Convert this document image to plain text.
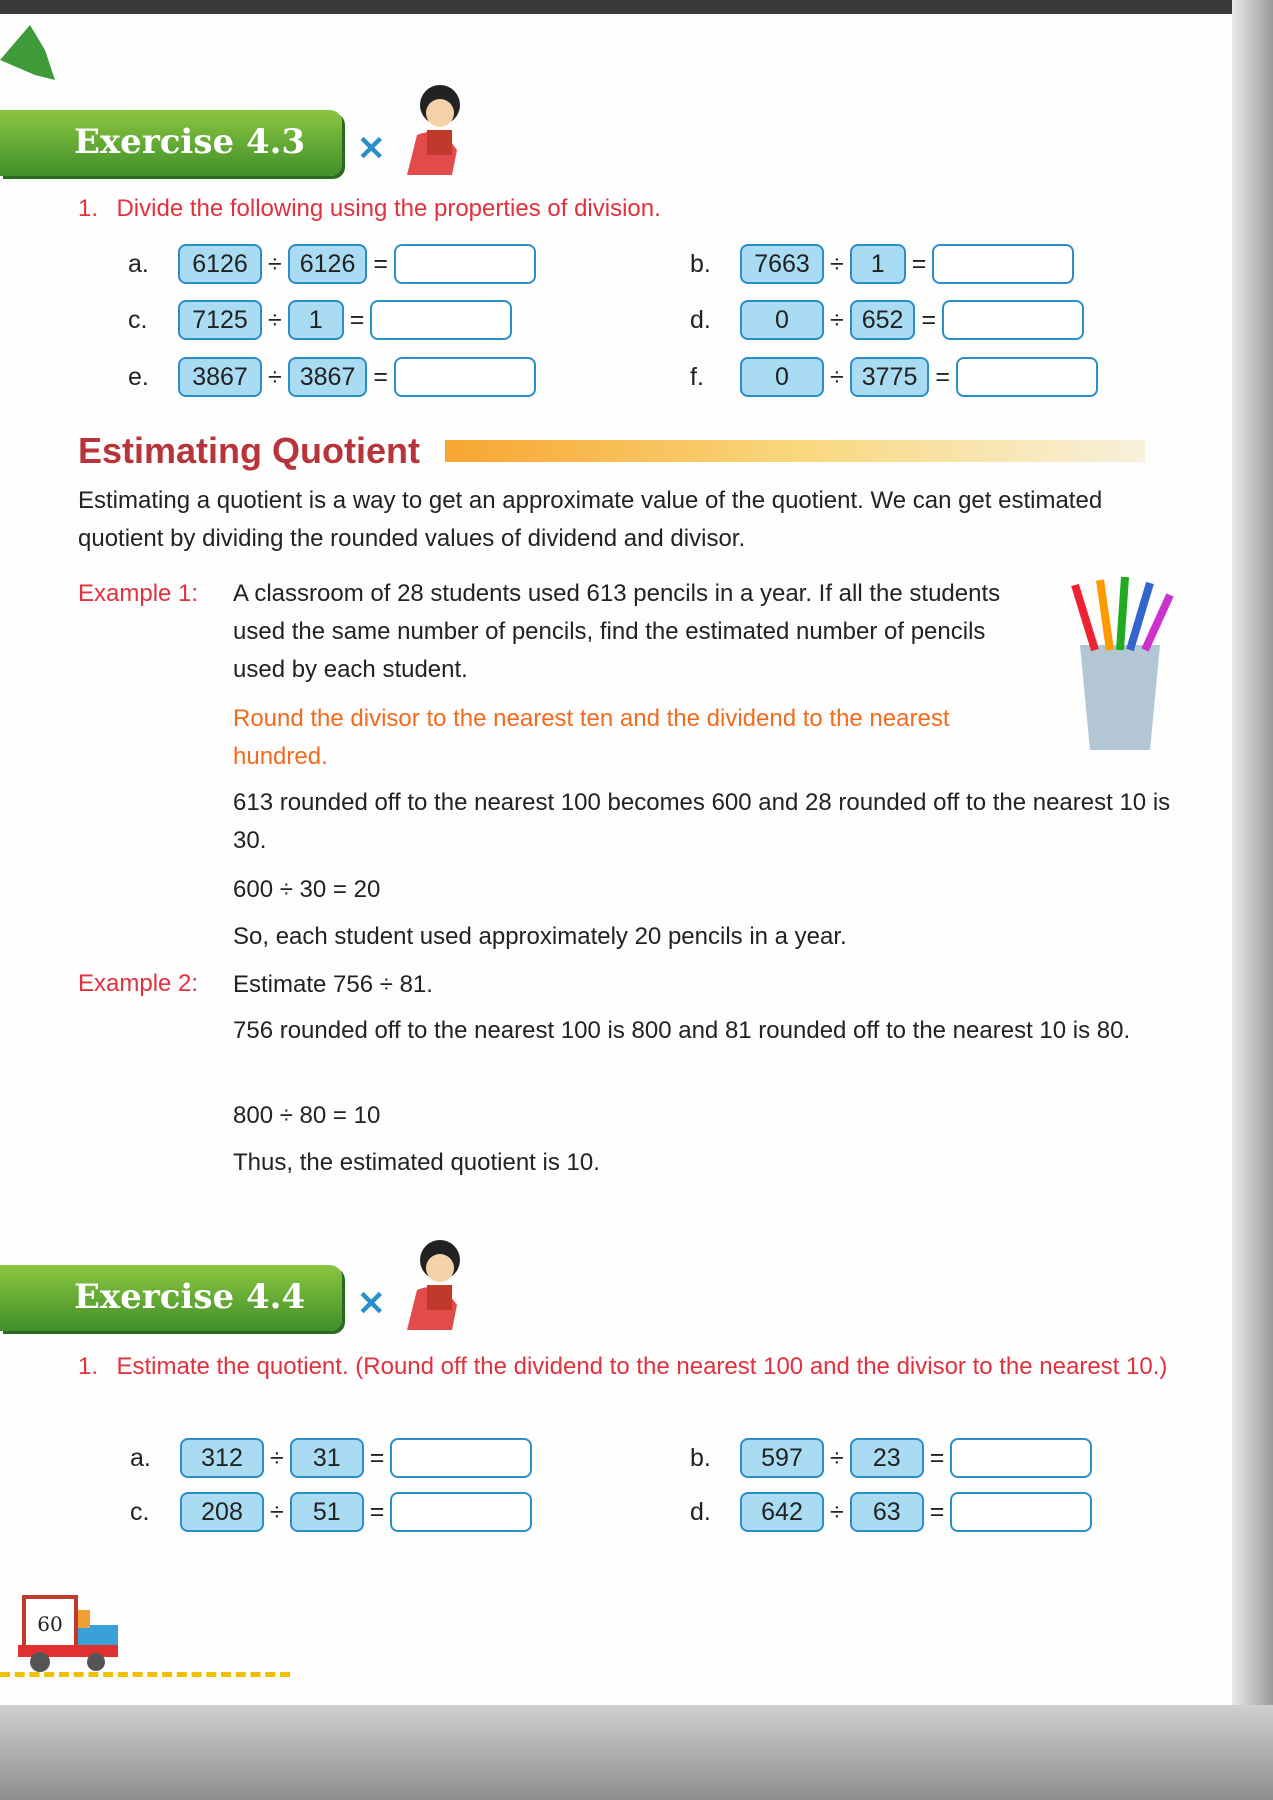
Exercise 4.3	✕
1. Divide the following using the properties of division.
a.	6126 ÷ 6126 =	b.	7663 ÷	1	=
c.	7125 ÷	1	=	d.	0	÷ 652 =
e.	3867 ÷ 3867 =	f.	0	÷ 3775 =
Estimating Quotient
Estimating a quotient is a way to get an approximate value of the quotient. We can get estimated quotient by dividing the rounded values of dividend and divisor.
Example 1: A classroom of 28 students used 613 pencils in a year. If all the students used the same number of pencils, find the estimated number of pencils used by each student.
Round the divisor to the nearest ten and the dividend to the nearest hundred.
613 rounded off to the nearest 100 becomes 600 and 28 rounded off to the nearest 10 is 30.
600 ÷ 30 = 20
So, each student used approximately 20 pencils in a year.
Example 2: Estimate 756 ÷ 81.
756 rounded off to the nearest 100 is 800 and 81 rounded off to the nearest 10 is 80.
800 ÷ 80 = 10
Thus, the estimated quotient is 10.
Exercise 4.4	✕
1. Estimate the quotient. (Round off the dividend to the nearest 100 and the divisor to the nearest 10.)
a.	312	÷	31	=	b.	597	÷	23	=
c.	208	÷	51	=	d.	642	÷	63	=
60
